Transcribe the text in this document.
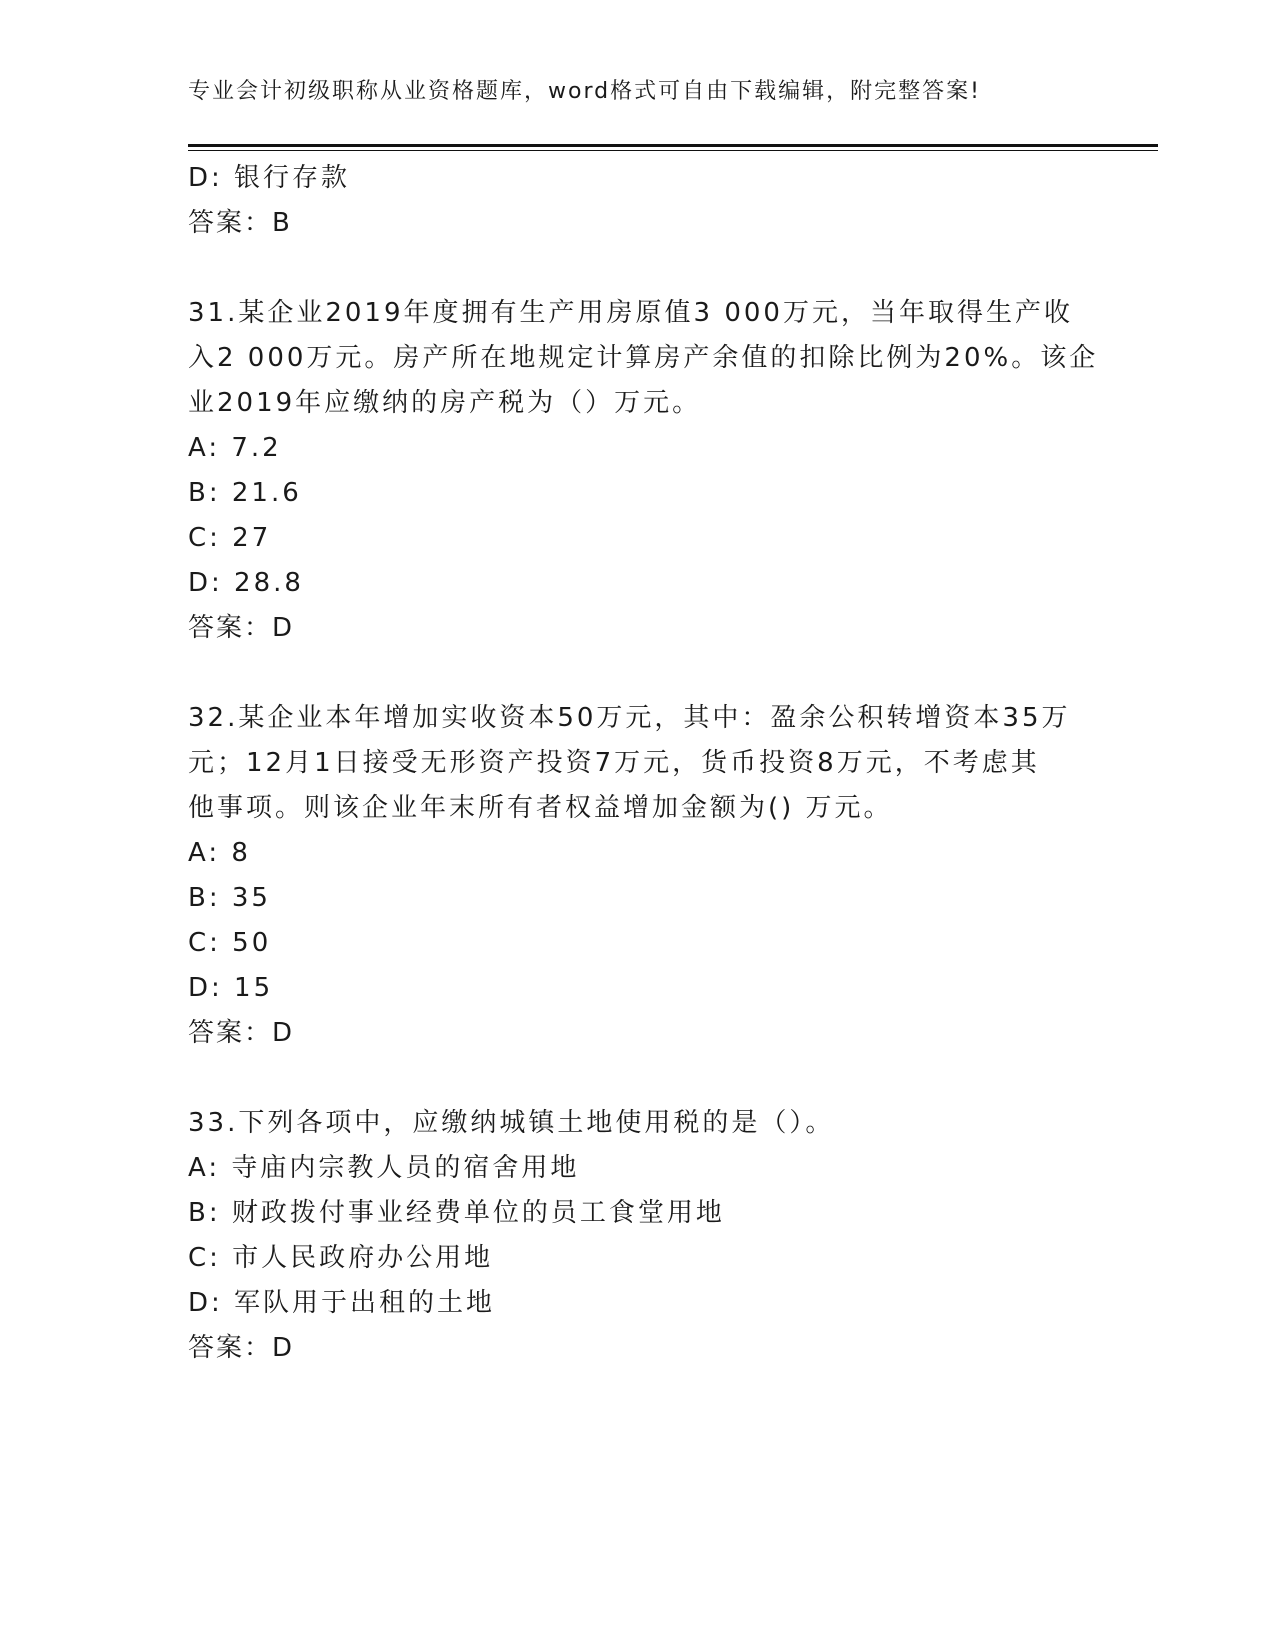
专业会计初级职称从业资格题库，word格式可自由下载编辑，附完整答案!
D: 银行存款
答案：B
31.某企业2019年度拥有生产用房原值3 000万元，当年取得生产收
入2 000万元。房产所在地规定计算房产余值的扣除比例为20%。该企
业2019年应缴纳的房产税为（）万元。
A: 7.2
B: 21.6
C: 27
D: 28.8
答案：D
32.某企业本年增加实收资本50万元，其中：盈余公积转增资本35万
元；12月1日接受无形资产投资7万元，货币投资8万元，不考虑其
他事项。则该企业年末所有者权益增加金额为() 万元。
A: 8
B: 35
C: 50
D: 15
答案：D
33.下列各项中，应缴纳城镇土地使用税的是（）。
A: 寺庙内宗教人员的宿舍用地
B: 财政拨付事业经费单位的员工食堂用地
C: 市人民政府办公用地
D: 军队用于出租的土地
答案：D
